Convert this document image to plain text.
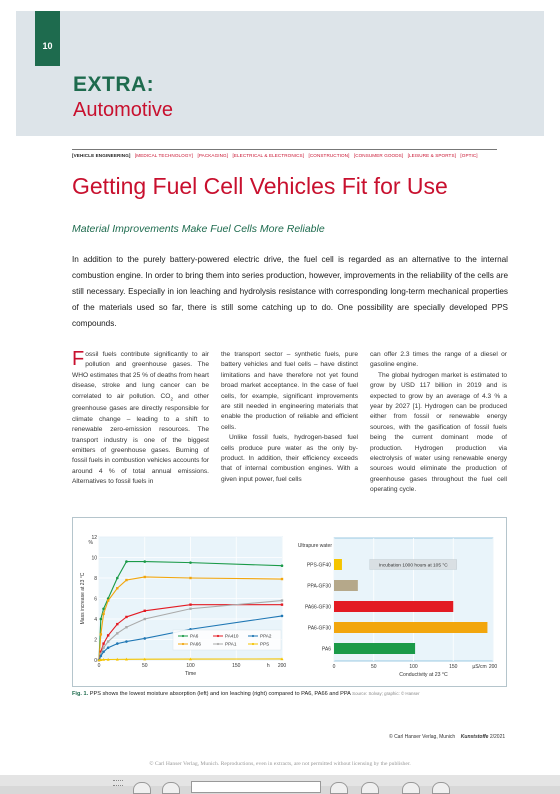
10
EXTRA:
Automotive
[VEHICLE ENGINEERING] [MEDICAL TECHNOLOGY] [PACKAGING] [ELECTRICAL & ELECTRONICS] [CONSTRUCTION] [CONSUMER GOODS] [LEISURE & SPORTS] [OPTIC]
Getting Fuel Cell Vehicles Fit for Use
Material Improvements Make Fuel Cells More Reliable
In addition to the purely battery-powered electric drive, the fuel cell is regarded as an alternative to the internal combustion engine. In order to bring them into series production, however, improvements in the reliability of the cells are still necessary. Especially in ion leaching and hydrolysis resistance with corresponding long-term mechanical properties of the materials used so far, there is still some catching up to do. One possibility are specially developed PPS compounds.

Fossil fuels contribute significantly to air pollution and greenhouse gases. The WHO estimates that 25 % of deaths from heart disease, stroke and lung cancer can be correlated to air pollution. $CO_2$ and other greenhouse gases are directly responsible for climate change – leading to a shift to renewable zero-emission resources. The transport industry is one of the biggest emitters of greenhouse gases. Burning of fossil fuels in combustion vehicles accounts for around 4 % of total annual emissions. Alternatives to fossil fuels in

the transport sector – synthetic fuels, pure battery vehicles and fuel cells – have distinct limitations and have therefore not yet found broad market acceptance. In the case of fuel cells, for example, significant improvements are still needed in engineering materials that enable the production of reliable and efficient cells.

Unlike fossil fuels, hydrogen-based fuel cells produce pure water as the only by-product. In addition, their efficiency exceeds that of internal combustion engines. With a given input power, fuel cells

can offer 2.3 times the range of a diesel or gasoline engine.

The global hydrogen market is estimated to grow by USD 117 billion in 2019 and is expected to grow by an average of 4.3 % a year by 2027 [1]. Hydrogen can be produced either from fossil or renewable energy sources, with the gasification of fossil fuels being the current dominant mode of production. Hydrogen production via electrolysis of water using renewable energy sources would eliminate the production of greenhouse gases throughout the fuel cell operating cycle.

0
2
4
6
8
10
12
0	50	100	150	200
%
h
Time
Mass increase at 23 °C
PA6	PA410	PPA2
PA66	PPA1	PPS
0	50	100	150	200
µS/cm
Ultrapure water
Conductivity at 23 °C
PPS-GF40
PPA-GF30
PA66-GF30
PA6-GF30
PA6
Incubation 1000 hours at 105 °C
Fig. 1. PPS shows the lowest moisture absorption (left) and ion leaching (right) compared to PA6, PA66 and PPA Source: Solvay; graphic: © Hanser
© Carl Hanser Verlag, Munich Kunststoffe 2/2021
© Carl Hanser Verlag, Munich. Reproductions, even in extracts, are not permitted without licensing by the publisher.
